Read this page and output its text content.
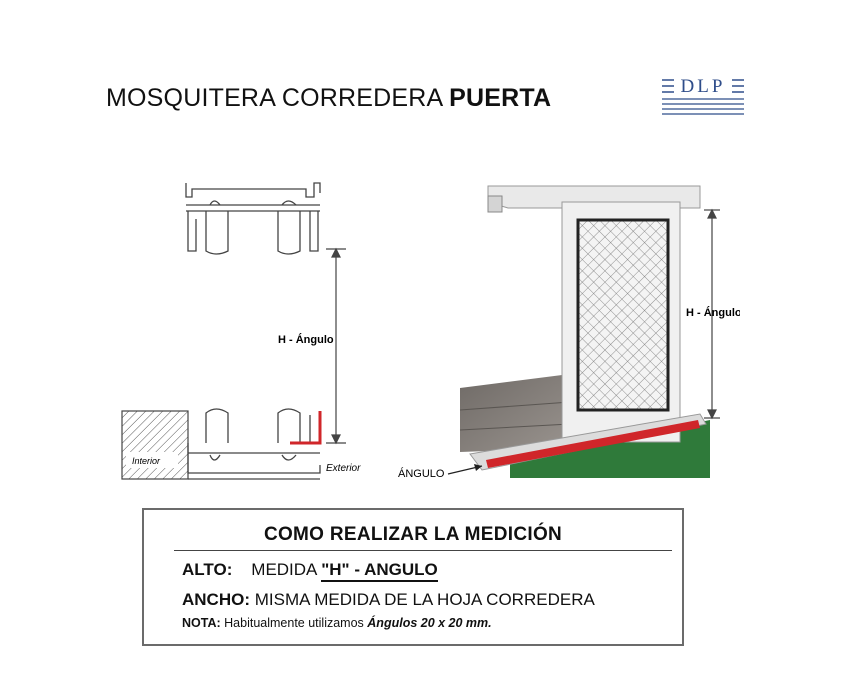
MOSQUITERA CORREDERA PUERTA	DLP
H - Ángulo
Interior
Exterior
H - Ángulo
ÁNGULO
COMO REALIZAR LA MEDICIÓN
ALTO: MEDIDA "H" - ANGULO
ANCHO: MISMA MEDIDA DE LA HOJA CORREDERA
NOTA: Habitualmente utilizamos Ángulos 20 x 20 mm.
